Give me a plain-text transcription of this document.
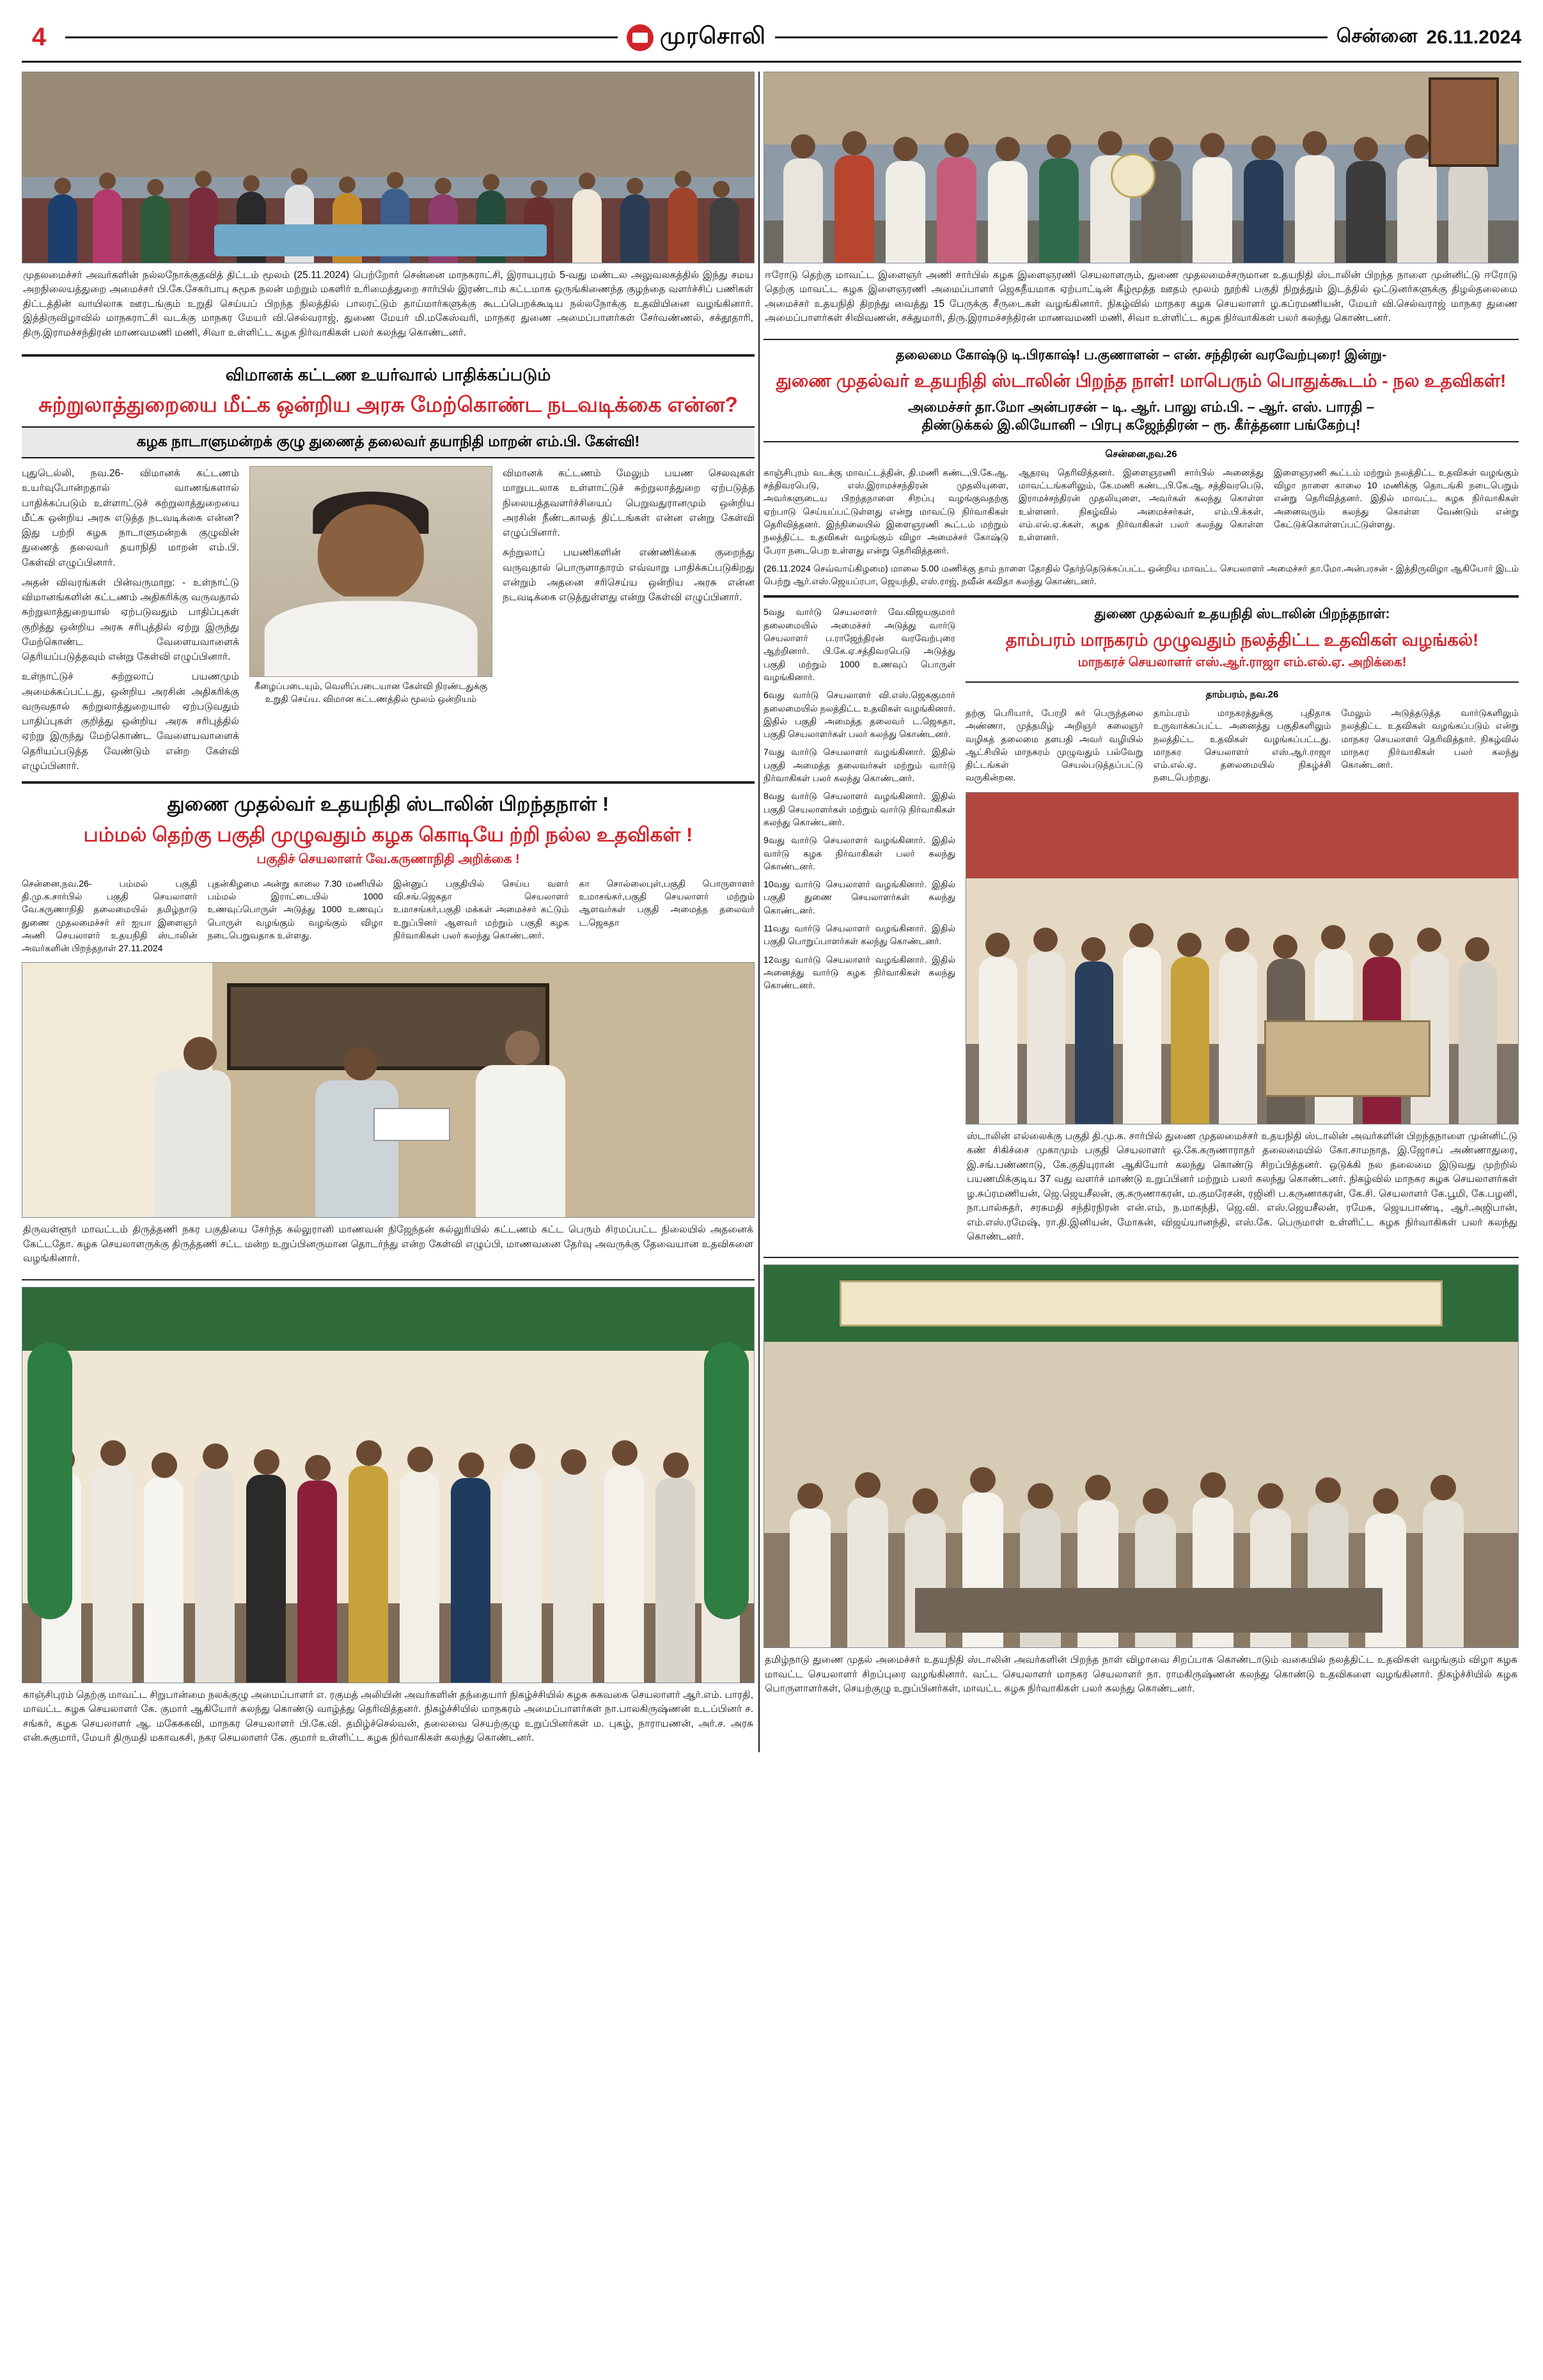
4	முரசொலி	சென்னை 26.11.2024
முதலமைச்சர் அவர்களின் நல்லநோக்குதவித் திட்டம் மூலம் (25.11.2024) பெற்றோர் சென்னை மாநகராட்சி, இராயபுரம் 5-வது மண்டல அலுவலகத்தில் இந்து சமய அறநிலையத்துறை அமைச்சர் பி.கே.சேகர்பாபு சுமூக நலன் மற்றும் மகளிர் உரிமைத்துறை சார்பில் இரண்டாம் கட்டமாக ஒருங்கிணைந்த குழந்தை வளர்ச்சிப் பணிகள் திட்டத்தின் வாயிலாக ஊரடங்கும் உறுதி செய்யப் பிறந்த நிலத்தில் பாலரட்டும் தாய்மார்களுக்கு கூடப்பெறக்கூடிய நல்லநோக்கு உதவியினை வழங்கினார். இத்திருவிழாவில் மாநகராட்சி வடக்கு மாநகர மேயர் வி.செல்வராஜ், துணை மேயர் மி.மகேஸ்வரி, மாநகர துணை அமைப்பாளர்கள் சேர்வண்ணல், சக்தூதாரி, திரு.இராமச்சந்திரன் மாணவமணி மணி, சிவா உள்ளிட்ட கழக நிர்வாகிகள் பலர் கலந்து கொண்டனர்.
விமானக் கட்டண உயர்வால் பாதிக்கப்படும்
சுற்றுலாத்துறையை மீட்க ஒன்றிய அரசு மேற்கொண்ட நடவடிக்கை என்ன?
கழக நாடாளுமன்றக் குழு துணைத் தலைவர் தயாநிதி மாறன் எம்.பி. கேள்வி!
புதுடெல்லி, நவ.26- விமானக் கட்டணம் உயர்வுபோன்றதால் வாணங்களால் பாதிக்கப்படும் உள்ளாட்டுச் சுற்றுலாத்துறையை மீட்க ஒன்றிய அரசு எடுத்த நடவடிக்கை என்ன? இது பற்றி கழக நாடாளுமன்றக் குழுவின் துணைத் தலைவர் தயாநிதி மாறன் எம்.பி. கேள்வி எழுப்பினார்.
அதன் விவரங்கள் பின்வருமாறு: - உள்நாட்டு விமானங்களின் கட்டணம் அதிகரிக்கு வருவதால் சுற்றுலாத்துறையால் ஏற்படுவதும் பாதிப்புகள் குறித்து ஒன்றிய அரசு சரிபுத்தில் ஏற்று இருந்து மேற்கொண்ட வேளையவாளைக் தெரியப்படுத்தவும் என்று கேள்வி எழுப்பினார்.
உள்நாட்டுச் சுற்றுலாப் பயணமும் அமைக்கப்பட்டது, ஒன்றிய அரசின் அதிகரிக்கு வருவதால் சுற்றுலாத்துறையால் ஏற்படுவதும் பாதிப்புகள் குறித்து ஒன்றிய அரசு சரிபுத்தில் ஏற்று இருந்து மேற்கொண்ட வேளையவாளைக் தெரியப்படுத்த வேண்டும் என்ற கேள்வி எழுப்பினார்.
கீழைப்படையும், வெளிப்படையான கேள்வி நிரண்டதுக்கு உறுதி செய்ய. விமான கட்டணத்தில் மூலம் ஒன்றியம்
விமானக் கட்டணம் மேலும் பயண செலவுகள் மாறுபடலாக உள்ளாட்டுச் சுற்றுலாத்துறை ஏற்படுத்த நிலையத்தவளர்ச்சியைப் பெறுவதுரானமும் ஒன்றிய அரசின் நீண்டகாலத் திட்டங்கள் என்ன என்று கேள்வி எழுப்பினார்.
சுற்றுலாப் பயணிகளின் எண்ணிக்கை குறைந்து வருவதால் பொருளாதாரம் எவ்வாறு பாதிக்கப்படுகிறது என்றும் அதனை சரிசெய்ய ஒன்றிய அரசு என்ன நடவடிக்கை எடுத்துள்ளது என்று கேள்வி எழுப்பினார்.
துணை முதல்வர் உதயநிதி ஸ்டாலின் பிறந்தநாள் !
பம்மல் தெற்கு பகுதி முழுவதும் கழக கொடியே ற்றி நல்ல உதவிகள் !
பகுதிச் செயலாளர் வே.கருணாநிதி அறிக்கை !
சென்னை,நவ.26- பம்மல் பகுதி தி.மு.க.சார்பில் பகுதி செயலாளர் வே.கருணாநிதி தலைமையில் தமிழ்நாடு துணை முதலமைச்சர் சர் ஐயா இளைஞர் அணி செயலாளர் உதயநிதி ஸ்டாலின் அவர்களின் பிறந்தநாள் 27.11.2024
புதன்கிழமை அன்று காலை 7.30 மணியில் பம்மல் இராட்டையில் 1000 உணவுப்பொருள் அடுத்து 1000 உணவுப் பொருள் வழங்கும் வழங்கும் விழா நடைபெறுவதாக உள்ளது.
இன்னுப் பகுதியில் செய்ய வளர் வி.சங்.ஜெகதா செயலாளர் உமாசங்கர்,பகுதி மக்கள் அமைச்சர் கட்டும் உறுப்பினர் ஆளவர் மற்றும் பகுதி கழக நிர்வாகிகள் பலர் கலந்து கொண்டனர்.
கா சொல்லைபுள்,பகுதி பொருளாளர் உமாசங்கர்,பகுதி செயலாளர் மற்றும் ஆளவர்கள் பகுதி அமைத்த தலைவர் ட.ஜெகதா
திருவள்ளூர் மாவட்டம் திருத்தணி நகர பகுதியை சேர்ந்த கல்லுரானி மாணவன் நிஜேந்தன் கல்லுரியில் கட்டணம் கட்ட பெரும் சிரமப்பட்ட நிலையில் அதனைக் கேட்டதோ. கழக செயலாளருக்கு திருத்தணி சட்ட மன்ற உறுப்பினருமான தொடர்ந்து என்ற கேள்வி எழுப்பி, மாணவனை தேர்வு அவருக்கு தேவையான உதவிகளை வழங்கினார்.
காஞ்சிபுரம் தெற்கு மாவட்ட சிறுபான்மை நலக்குழு அமைப்பாளர் எ. ரகுமத் அலியின் அவர்களின் தந்தையார் நிகழ்ச்சியில் கழக சுகவகை செயலாளர் ஆர்.எம். பாரதி, மாவட்ட கழக செயலாளர் கே. குமார் ஆகியோர் கலந்து கொண்டு வாழ்த்து தெரிவித்தனர். நிகழ்ச்சியில் மாநகரம் அமைப்பாளர்கள் நா.பாலகிருஷ்ணன் உடப்பினர் ச. சங்கர், கழக செயலாளர் ஆ. மகேசுகவி, மாநகர செயலாளர் பி.கே.வி. தமிழ்ச்செல்வன், தலைவை செயற்குழு உறுப்பினர்கள் ம. புகழ், நாராயணன், அர்.ச. அரசு என்.சுகுமார், மேயர் திருமதி மகாவகசி, நகர செயலாளர் கே. குமார் உள்ளிட்ட கழக நிர்வாகிகள் கலந்து கொண்டனர்.
ஈரோடு தெற்கு மாவட்ட இளைஞர் அணி சார்பில் கழக இளைஞரணி செயலாளரும், துணை முதலமைச்சருமான உதயநிதி ஸ்டாலின் பிறந்த நாளை முன்னிட்டு ஈரோடு தெற்கு மாவட்ட கழக இளைஞரணி அமைப்பாளர் ஜெகநீயமாக ஏற்பாட்டின் கீழ்மூத்த ஊதம் மூலம் நூற்கி பகுதி நிறுத்தும் இடத்தில் ஒட்டுனர்களுக்கு திழல்தலைமை அமைச்சர் உதயநிதி திறந்து வைத்து 15 பேருக்கு சீருடைகள் வழங்கினார். நிகழ்வில் மாநகர கழக செயலாளர் ழ.கப்ரமணியன், மேயர் வி.செல்வராஜ் மாநகர துணை அமைப்பாளர்கள் சிவிவணன், சக்துமாரி, திரு.இராமச்சந்திரன் மாணவமணி மணி, சிவா உள்ளிட்ட கழக நிர்வாகிகள் பலர் கலந்து கொண்டனர்.
தலைமை கோஷ்டு டி.பிரகாஷ்! ப.குணாளன் – என். சந்திரன் வரவேற்புரை! இன்று-
துணை முதல்வர் உதயநிதி ஸ்டாலின் பிறந்த நாள்! மாபெரும் பொதுக்கூடம் - நல உதவிகள்!
அமைச்சர் தா.மோ அன்பரசன் – டி. ஆர். பாலு எம்.பி. – ஆர். எஸ். பாரதி –
திண்டுக்கல் இ.லியோனி – பிரபு கஜேந்திரன் – ரூ. கீர்த்தனா பங்கேற்பு!
சென்னை,நவ.26
காஞ்சிபுரம் வடக்கு மாவட்டத்தின், தி.மணி கண்ட,பி.கே.ஆ. சத்திவரபெடு, எஸ்.இராமச்சந்திரன் முதலியுளை, அவர்களுடைய பிறந்தநாளை சிறப்பு வழங்குவதற்கு ஏற்பாடு செய்யப்பட்டுள்ளது என்று மாவட்டு நிர்வாகிகள் தெரிவித்தனர். இந்நிலையில் இளைஞரணி கூட்டம் மற்றும் நலத்திட்ட உதவிகள் வழங்கும் விழா அமைச்சர் கோஷ்டு பேரா நடைபெற உள்ளது என்று தெரிவித்தனர்.
ஆதரவு தெரிவித்தனர். இளைஞரணி சார்பில் அனைத்து மாவட்டங்களிலும், கே.மணி கண்ட,பி.கே.ஆ. சத்திவரபெடு, இராமச்சந்திரன் முதலியுளை, அவர்கள் கலந்து கொள்ள உள்ளனர். நிகழ்வில் அமைச்சர்கள், எம்.பி.க்கள், எம்.எல்.ஏ.க்கள், கழக நிர்வாகிகள் பலர் கலந்து கொள்ள உள்ளனர்.
இளைஞரணி கூட்டம் மற்றும் நலத்திட்ட உதவிகள் வழங்கும் விழா நாளை காலை 10 மணிக்கு தொடங்கி நடைபெறும் என்று தெரிவித்தனர். இதில் மாவட்ட கழக நிர்வாகிகள் அனைவரும் கலந்து கொள்ள வேண்டும் என்று கேட்டுக்கொள்ளப்பட்டுள்ளது.
(26.11.2024 செவ்வாய்கிழமை) மாலை 5.00 மணிக்கு தாம் நாளை தோதில் தேர்ந்தெடுக்கப்பட்ட ஒன்றிய மாவட்ட செயலாளர் அமைச்சர் தா.மோ.அன்பரசன் - இத்திருவிழா ஆகியோர் இடம் பெற்று ஆர்.எஸ்.ஜெயப்ரபா, ஜெயந்தி, எஸ்.ராஜ், நவீன் கவிதா கலந்து கொண்டனர்.
5வது வார்டு செயலாளர் வே.விஜயகுமார் தலைமையில் அமைச்சர் அடுத்து வார்டு செயலாளர் ப.ராஜேந்திரன் வரவேற்புரை ஆற்றினார். பி.கே.ஏ.சத்திவரபெடு அடுத்து பகுதி மற்றும் 1000 உணவுப் பொருள் வழங்கினார்.
6வது வார்டு செயலாளர் வி.எஸ்.ஜெககுமார் தலைமையில் நலத்திட்ட உதவிகள் வழங்கினார். இதில் பகுதி அமைத்த தலைவர் ட.ஜெகதா, பகுதி செயலாளர்கள் பலர் கலந்து கொண்டனர்.
7வது வார்டு செயலாளர் வழங்கினார். இதில் பகுதி அமைத்த தலைவர்கள் மற்றும் வார்டு நிர்வாகிகள் பலர் கலந்து கொண்டனர்.
8வது வார்டு செயலாளர் வழங்கினார். இதில் பகுதி செயலாளர்கள் மற்றும் வார்டு நிர்வாகிகள் கலந்து கொண்டனர்.
9வது வார்டு செயலாளர் வழங்கினார். இதில் வார்டு கழக நிர்வாகிகள் பலர் கலந்து கொண்டனர்.
10வது வார்டு செயலாளர் வழங்கினார். இதில் பகுதி துணை செயலாளர்கள் கலந்து கொண்டனர்.
11வது வார்டு செயலாளர் வழங்கினார். இதில் பகுதி பொறுப்பாளர்கள் கலந்து கொண்டனர்.
12வது வார்டு செயலாளர் வழங்கினார். இதில் அனைத்து வார்டு கழக நிர்வாகிகள் கலந்து கொண்டனர்.
துணை முதல்வர் உதயநிதி ஸ்டாலின் பிறந்தநாள்:
தாம்பரம் மாநகரம் முழுவதும் நலத்திட்ட உதவிகள் வழங்கல்!
மாநகரச் செயலாளர் எஸ்.ஆர்.ராஜா எம்.எல்.ஏ. அறிக்கை!
தாம்பரம், நவ.26
தற்கு பெரியார், பேரறி சுர் பெருந்தலை அண்ணா, முத்தமிழ் அறிஞர் கலைஞர் வழிகத் தலைமை தளபதி அவர் வழியில் ஆட்சியில் மாநகரம் முழுவதும் பல்வேறு திட்டங்கள் செயல்படுத்தப்பட்டு வருகின்றன.
தாம்பரம் மாநகரத்துக்கு புதிதாக உருவாக்கப்பட்ட அனைத்து பகுதிகளிலும் நலத்திட்ட உதவிகள் வழங்கப்பட்டது. மாநகர செயலாளர் எஸ்.ஆர்.ராஜா எம்.எல்.ஏ. தலைமையில் நிகழ்ச்சி நடைபெற்றது.
மேலும் அடுத்தடுத்த வார்டுகளிலும் நலத்திட்ட உதவிகள் வழங்கப்படும் என்று மாநகர செயலாளர் தெரிவித்தார். நிகழ்வில் மாநகர நிர்வாகிகள் பலர் கலந்து கொண்டனர்.
ஸ்டாலின் எல்லைக்கு பகுதி தி.மு.க. சார்பில் துணை முதலமைச்சர் உதயநிதி ஸ்டாலின் அவர்களின் பிறந்தநாளை முன்னிட்டு கண் சிகிச்சை முகாமும் பகுதி செயலாளர் ஒ.கே.கருணாராதர் தலைமையில் கோ.சாமநாத, இ.ஜோசப் அண்ணாதுரை, இ.சங்.பண்ணாடு, கே.குதியுரான் ஆகியோர் கலந்து கொண்டு சிறப்பித்தனர். ஒடுக்கி நல தலைமை இடுவது முற்றில் பயணமிக்குடிய 37 வது வளர்ச் மாண்டு உறுப்பினர் மற்றும் பலர் கலந்து கொண்டனர். நிகழ்வில் மாநகர கழக செயலாளர்கள் ழ.சுப்ரமணியன், ஜெ.ஜெயசீலன், கு.கருணாகரன், ம.குமரேசன், ரஜினி ப.கருணாகரன், கே.சி. செயலாளர் கே.பூமி, கே.பழனி, நா.பால்சுதர், சரசுமதி சந்திரநிரன் என்.எம், ந.மாகந்தி, ஜெ.வி. எஸ்.ஜெயசீலன், ரமேசு, ஜெயபாண்டி, ஆர்.அஜிபான், எம்.எஸ்.ரமேஷ், ரா.தி.இனியன், மோகன், விஜய்யானந்தி, எஸ்.கே. பெருமாள் உள்ளிட்ட கழக நிர்வாகிகள் பலர் கலந்து கொண்டனர்.
தமிழ்நாடு துணை முதல் அமைச்சர் உதயநிதி ஸ்டாலின் அவர்களின் பிறந்த நாள் விழாவை சிறப்பாக கொண்டாடும் வகையில் நலத்திட்ட உதவிகள் வழங்கும் விழா கழக மாவட்ட செயலாளர் சிறப்புரை வழங்கினார். வட்ட செயலாளர் மாநகர செயலாளர் நா. ராமகிருஷ்ணன் கலந்து கொண்டு உதவிகளை வழங்கினார். நிகழ்ச்சியில் கழக பொருளாளர்கள், செயற்குழு உறுப்பினர்கள், மாவட்ட கழக நிர்வாகிகள் பலர் கலந்து கொண்டனர்.
